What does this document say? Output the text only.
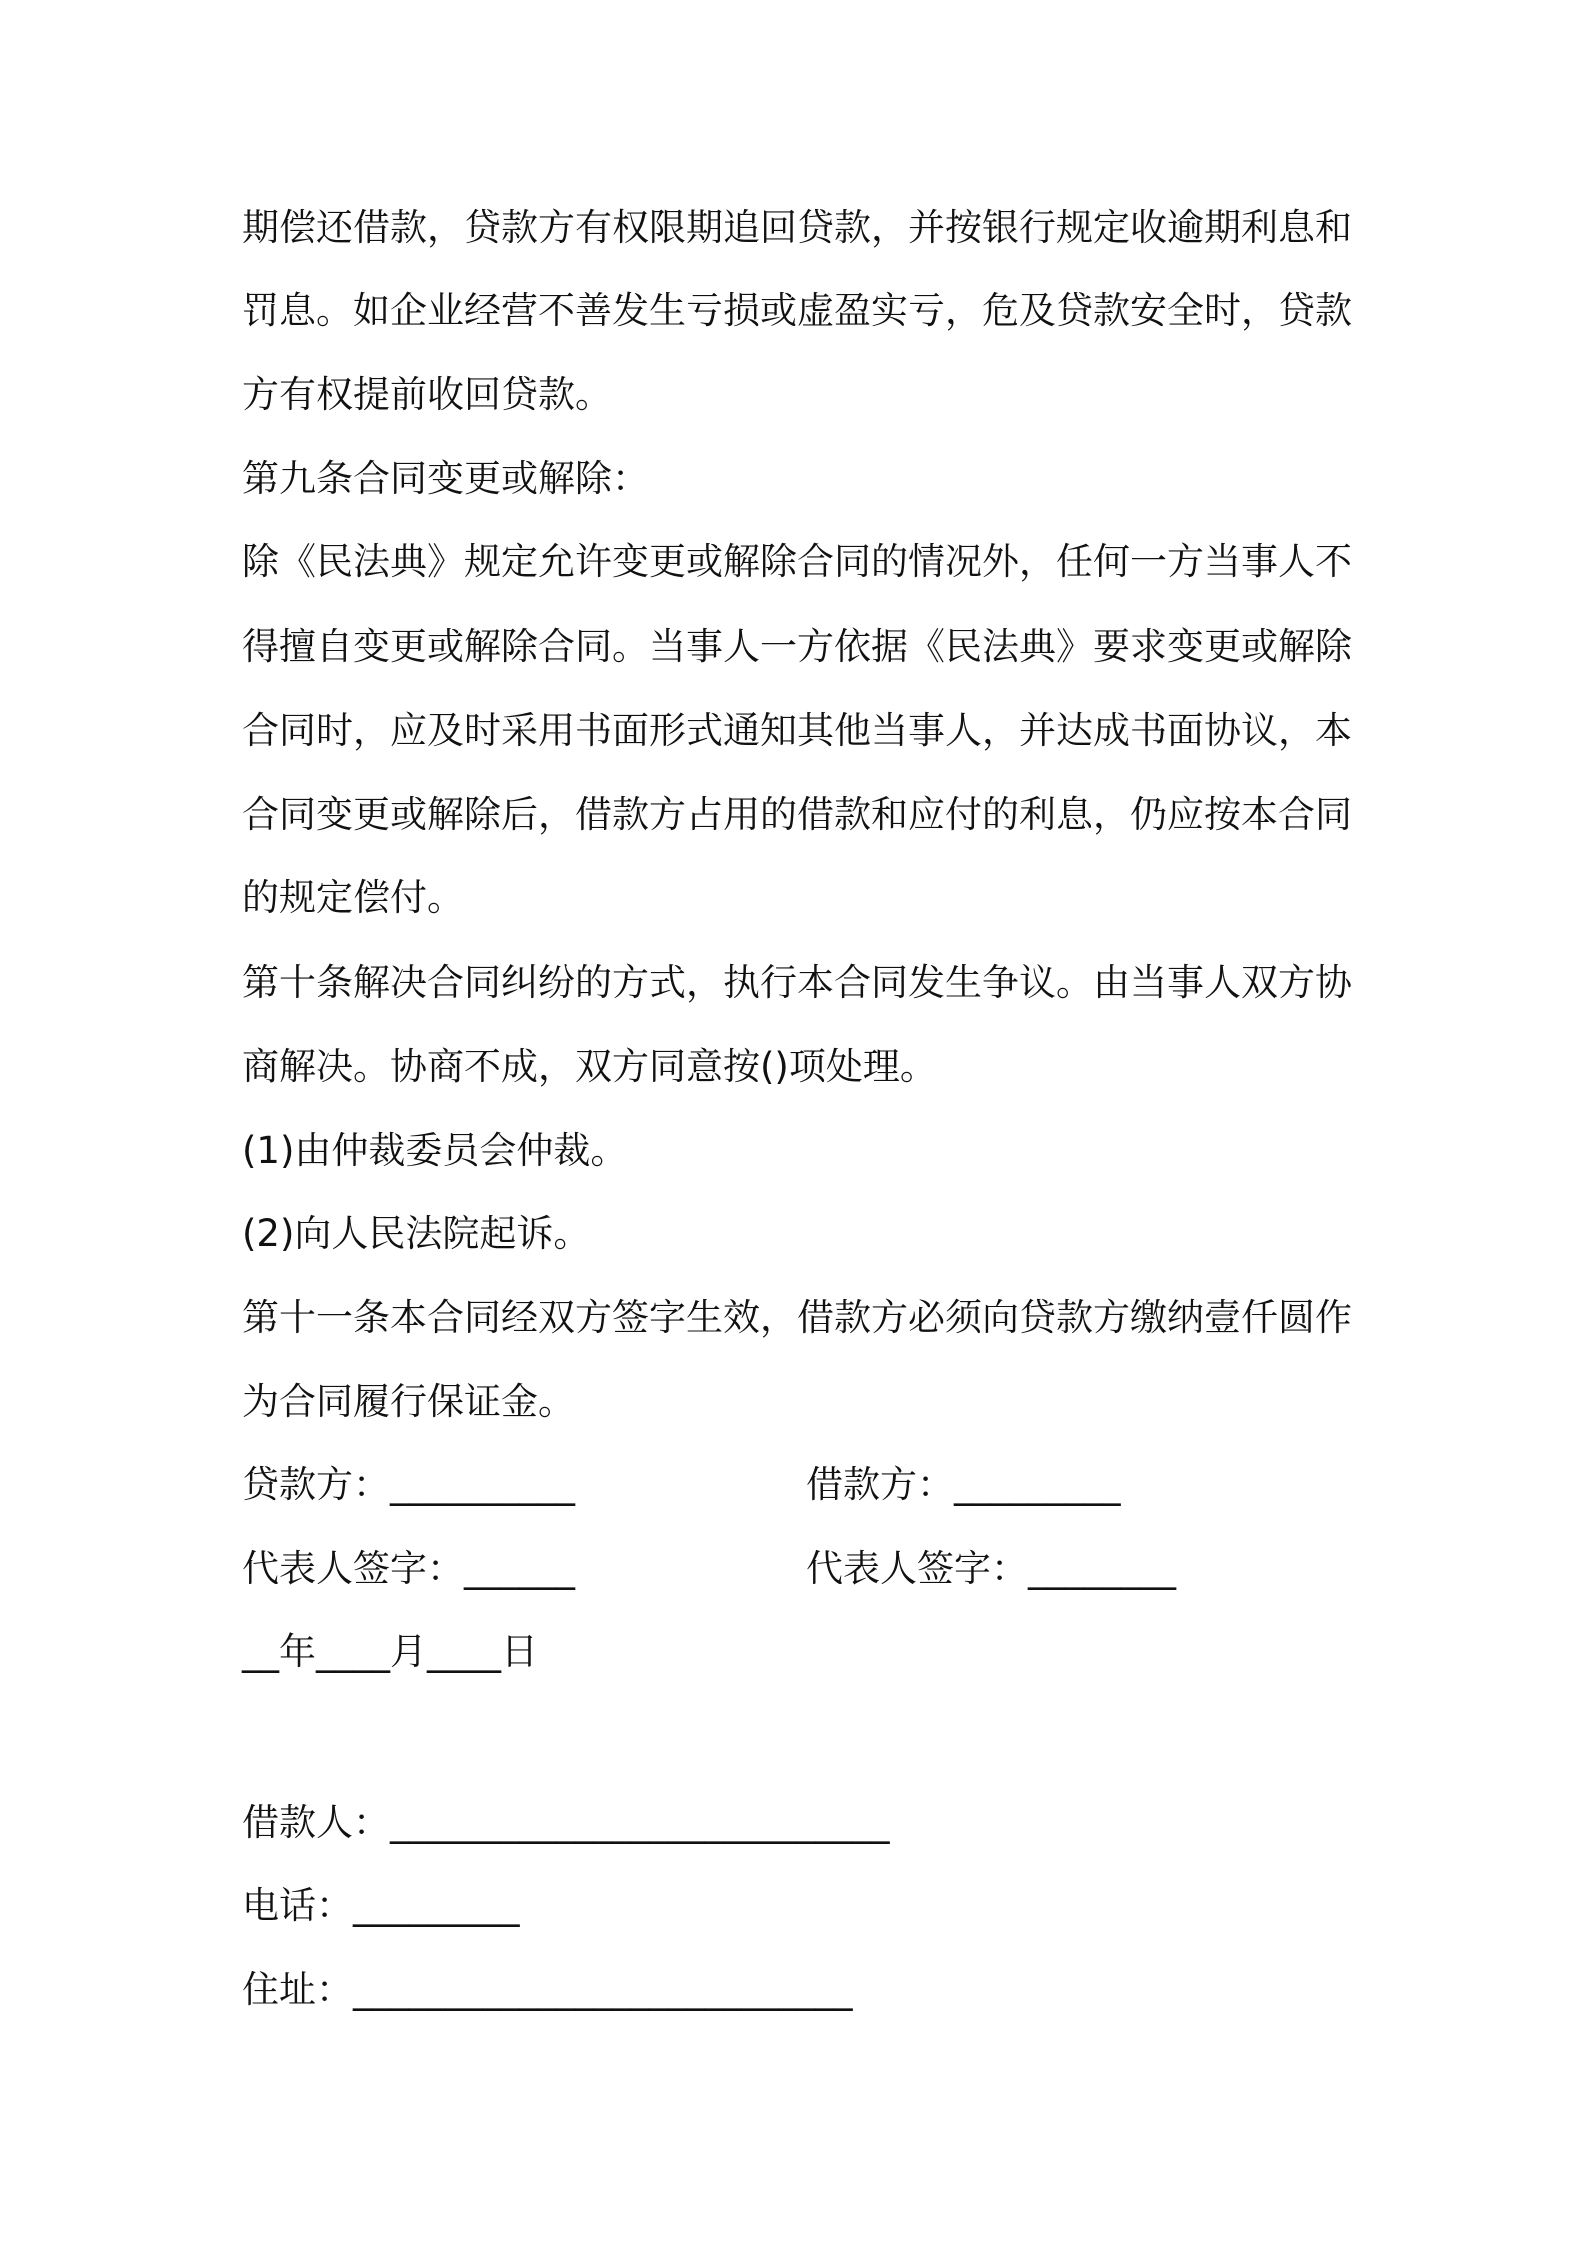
期偿还借款，贷款方有权限期追回贷款，并按银行规定收逾期利息和
罚息。如企业经营不善发生亏损或虚盈实亏，危及贷款安全时，贷款
方有权提前收回贷款。
第九条合同变更或解除：
除《民法典》规定允许变更或解除合同的情况外，任何一方当事人不
得擅自变更或解除合同。当事人一方依据《民法典》要求变更或解除
合同时，应及时采用书面形式通知其他当事人，并达成书面协议，本
合同变更或解除后，借款方占用的借款和应付的利息，仍应按本合同
的规定偿付。
第十条解决合同纠纷的方式，执行本合同发生争议。由当事人双方协
商解决。协商不成，双方同意按()项处理。
(1)由仲裁委员会仲裁。
(2)向人民法院起诉。
第十一条本合同经双方签字生效，借款方必须向贷款方缴纳壹仟圆作
为合同履行保证金。
贷款方：__________	借款方：_________
代表人签字：______	代表人签字：________
__年____月____日
借款人：___________________________
电话：_________
住址：___________________________
